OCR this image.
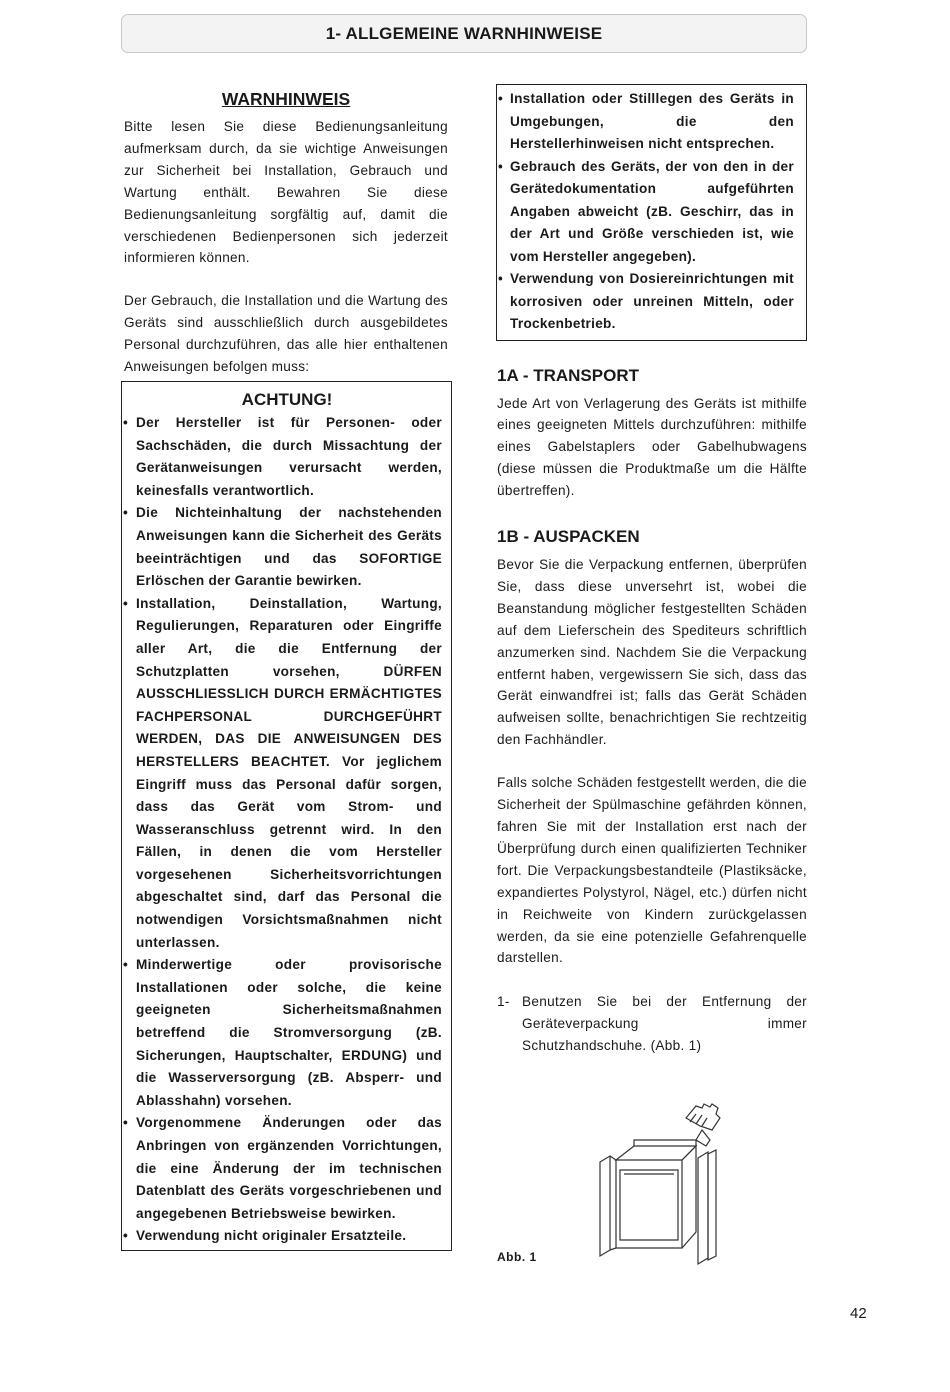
1- ALLGEMEINE WARNHINWEISE
WARNHINWEIS

Bitte lesen Sie diese Bedienungsanleitung aufmerksam durch, da sie wichtige Anweisungen zur Sicherheit bei Installation, Gebrauch und Wartung enthält. Bewahren Sie diese Bedienungsanleitung sorgfältig auf, damit die verschiedenen Bedienpersonen sich jederzeit informieren können.

Der Gebrauch, die Installation und die Wartung des Geräts sind ausschließlich durch ausgebildetes Personal durchzuführen, das alle hier enthaltenen Anweisungen befolgen muss:

ACHTUNG!
• Der Hersteller ist für Personen- oder Sachschäden, die durch Missachtung der Gerätanweisungen verursacht werden, keinesfalls verantwortlich.
• Die Nichteinhaltung der nachstehenden Anweisungen kann die Sicherheit des Geräts beeinträchtigen und das SOFORTIGE Erlöschen der Garantie bewirken.
• Installation, Deinstallation, Wartung, Regulierungen, Reparaturen oder Eingriffe aller Art, die die Entfernung der Schutzplatten vorsehen, DÜRFEN AUSSCHLIESSLICH DURCH ERMÄCHTIGTES FACHPERSONAL DURCHGEFÜHRT WERDEN, DAS DIE ANWEISUNGEN DES HERSTELLERS BEACHTET. Vor jeglichem Eingriff muss das Personal dafür sorgen, dass das Gerät vom Strom- und Wasseranschluss getrennt wird. In den Fällen, in denen die vom Hersteller vorgesehenen Sicherheitsvorrichtungen abgeschaltet sind, darf das Personal die notwendigen Vorsichtsmaßnahmen nicht unterlassen.
• Minderwertige oder provisorische Installationen oder solche, die keine geeigneten Sicherheitsmaßnahmen betreffend die Stromversorgung (zB. Sicherungen, Hauptschalter, ERDUNG) und die Wasserversorgung (zB. Absperr- und Ablasshahn) vorsehen.
• Vorgenommene Änderungen oder das Anbringen von ergänzenden Vorrichtungen, die eine Änderung der im technischen Datenblatt des Geräts vorgeschriebenen und angegebenen Betriebsweise bewirken.
• Verwendung nicht originaler Ersatzteile.
• Installation oder Stilllegen des Geräts in Umgebungen, die den Herstellerhinweisen nicht entsprechen.
• Gebrauch des Geräts, der von den in der Gerätedokumentation aufgeführten Angaben abweicht (zB. Geschirr, das in der Art und Größe verschieden ist, wie vom Hersteller angegeben).
• Verwendung von Dosiereinrichtungen mit korrosiven oder unreinen Mitteln, oder Trockenbetrieb.
1A - TRANSPORT

Jede Art von Verlagerung des Geräts ist mithilfe eines geeigneten Mittels durchzuführen: mithilfe eines Gabelstaplers oder Gabelhubwagens (diese müssen die Produktmaße um die Hälfte übertreffen).

1B - AUSPACKEN

Bevor Sie die Verpackung entfernen, überprüfen Sie, dass diese unversehrt ist, wobei die Beanstandung möglicher festgestellten Schäden auf dem Lieferschein des Spediteurs schriftlich anzumerken sind. Nachdem Sie die Verpackung entfernt haben, vergewissern Sie sich, dass das Gerät einwandfrei ist; falls das Gerät Schäden aufweisen sollte, benachrichtigen Sie rechtzeitig den Fachhändler.

Falls solche Schäden festgestellt werden, die die Sicherheit der Spülmaschine gefährden können, fahren Sie mit der Installation erst nach der Überprüfung durch einen qualifizierten Techniker fort. Die Verpackungsbestandteile (Plastiksäcke, expandiertes Polystyrol, Nägel, etc.) dürfen nicht in Reichweite von Kindern zurückgelassen werden, da sie eine potenzielle Gefahrenquelle darstellen.

1- Benutzen Sie bei der Entfernung der Geräteverpackung immer Schutzhandschuhe. (Abb. 1)
Abb. 1
42
